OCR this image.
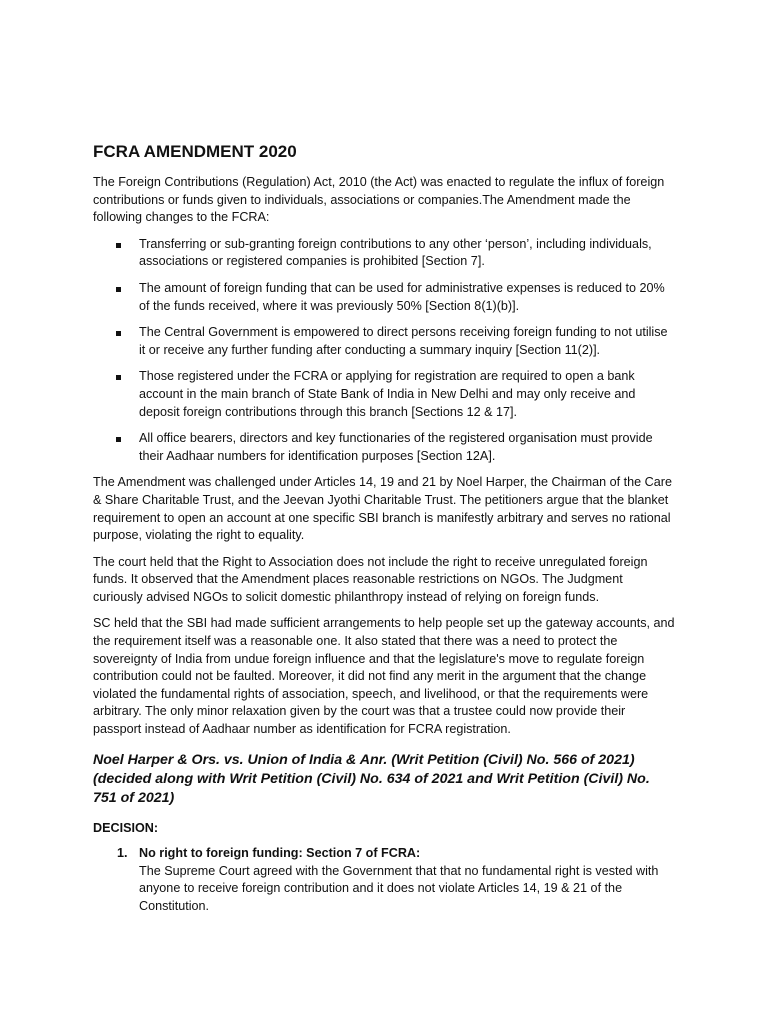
FCRA AMENDMENT 2020

The Foreign Contributions (Regulation) Act, 2010 (the Act) was enacted to regulate the influx of foreign contributions or funds given to individuals, associations or companies.The Amendment made the following changes to the FCRA:

Transferring or sub-granting foreign contributions to any other ‘person’, including individuals, associations or registered companies is prohibited [Section 7].
The amount of foreign funding that can be used for administrative expenses is reduced to 20% of the funds received, where it was previously 50% [Section 8(1)(b)].
The Central Government is empowered to direct persons receiving foreign funding to not utilise it or receive any further funding after conducting a summary inquiry [Section 11(2)].
Those registered under the FCRA or applying for registration are required to open a bank account in the main branch of State Bank of India in New Delhi and may only receive and deposit foreign contributions through this branch [Sections 12 & 17].
All office bearers, directors and key functionaries of the registered organisation must provide their Aadhaar numbers for identification purposes [Section 12A].

The Amendment was challenged under Articles 14, 19 and 21 by Noel Harper, the Chairman of the Care & Share Charitable Trust, and the Jeevan Jyothi Charitable Trust. The petitioners argue that the blanket requirement to open an account at one specific SBI branch is manifestly arbitrary and serves no rational purpose, violating the right to equality.

The court held that the Right to Association does not include the right to receive unregulated foreign funds. It observed that the Amendment places reasonable restrictions on NGOs. The Judgment curiously advised NGOs to solicit domestic philanthropy instead of relying on foreign funds.

SC held that the SBI had made sufficient arrangements to help people set up the gateway accounts, and the requirement itself was a reasonable one. It also stated that there was a need to protect the sovereignty of India from undue foreign influence and that the legislature's move to regulate foreign contribution could not be faulted. Moreover, it did not find any merit in the argument that the change violated the fundamental rights of association, speech, and livelihood, or that the requirements were arbitrary. The only minor relaxation given by the court was that a trustee could now provide their passport instead of Aadhaar number as identification for FCRA registration.

Noel Harper & Ors. vs. Union of India & Anr. (Writ Petition (Civil) No. 566 of 2021) (decided along with Writ Petition (Civil) No. 634 of 2021 and Writ Petition (Civil) No. 751 of 2021)
DECISION:
1. No right to foreign funding: Section 7 of FCRA:
The Supreme Court agreed with the Government that that no fundamental right is vested with anyone to receive foreign contribution and it does not violate Articles 14, 19 & 21 of the Constitution.
